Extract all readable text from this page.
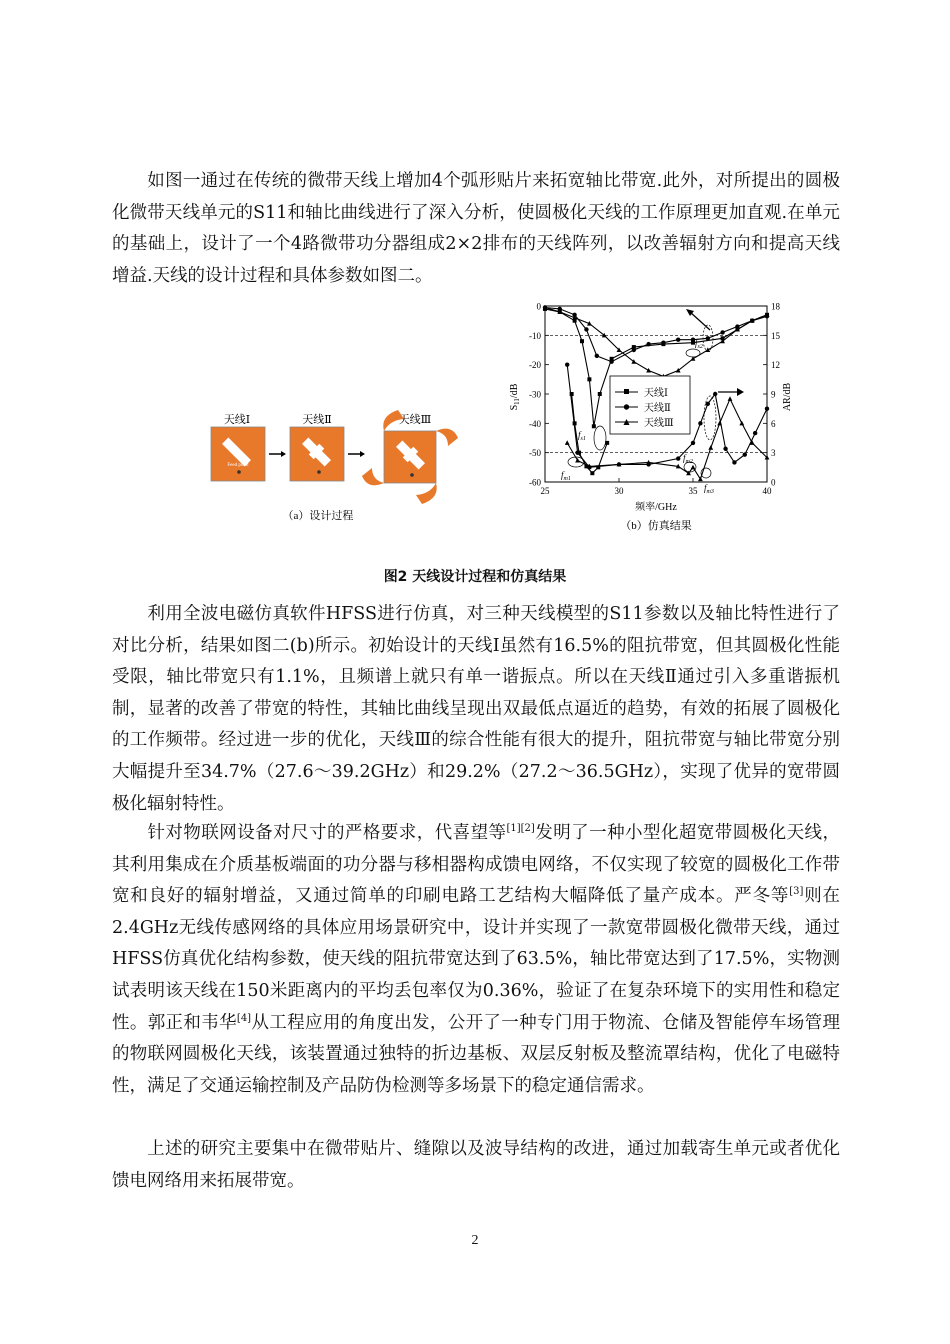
如图一通过在传统的微带天线上增加4个弧形贴片来拓宽轴比带宽.此外，对所提出的圆极化微带天线单元的S11和轴比曲线进行了深入分析，使圆极化天线的工作原理更加直观.在单元的基础上，设计了一个4路微带功分器组成2×2排布的天线阵列，以改善辐射方向和提高天线增益.天线的设计过程和具体参数如图二。

天线Ⅰ
Feed point
天线Ⅱ	天线Ⅲ
（a）设计过程
$S_{11}/dB$	AR/dB
0
-10
-20
-30
-40
-50
-60
18
15
12
9
6
3
0
25	30	35	40
天线Ⅰ
天线Ⅱ
天线Ⅲ
$f_{s1}$
$f_{s2}$
$f_{m1}$
$f_{m2}$
$f_{m3}$
频率/GHz
（b）仿真结果
图2 天线设计过程和仿真结果

利用全波电磁仿真软件HFSS进行仿真，对三种天线模型的S11参数以及轴比特性进行了对比分析，结果如图二(b)所示。初始设计的天线Ⅰ虽然有16.5%的阻抗带宽，但其圆极化性能受限，轴比带宽只有1.1%，且频谱上就只有单一谐振点。所以在天线Ⅱ通过引入多重谐振机制，显著的改善了带宽的特性，其轴比曲线呈现出双最低点逼近的趋势，有效的拓展了圆极化的工作频带。经过进一步的优化，天线Ⅲ的综合性能有很大的提升，阻抗带宽与轴比带宽分别大幅提升至34.7%（27.6～39.2GHz）和29.2%（27.2～36.5GHz），实现了优异的宽带圆极化辐射特性。

针对物联网设备对尺寸的严格要求，代喜望等[1][2]发明了一种小型化超宽带圆极化天线，其利用集成在介质基板端面的功分器与移相器构成馈电网络，不仅实现了较宽的圆极化工作带宽和良好的辐射增益，又通过简单的印刷电路工艺结构大幅降低了量产成本。严冬等[3]则在2.4GHz无线传感网络的具体应用场景研究中，设计并实现了一款宽带圆极化微带天线，通过HFSS仿真优化结构参数，使天线的阻抗带宽达到了63.5%，轴比带宽达到了17.5%，实物测试表明该天线在150米距离内的平均丢包率仅为0.36%，验证了在复杂环境下的实用性和稳定性。郭正和韦华[4]从工程应用的角度出发，公开了一种专门用于物流、仓储及智能停车场管理的物联网圆极化天线，该装置通过独特的折边基板、双层反射板及整流罩结构，优化了电磁特性，满足了交通运输控制及产品防伪检测等多场景下的稳定通信需求。

上述的研究主要集中在微带贴片、缝隙以及波导结构的改进，通过加载寄生单元或者优化馈电网络用来拓展带宽。

2
